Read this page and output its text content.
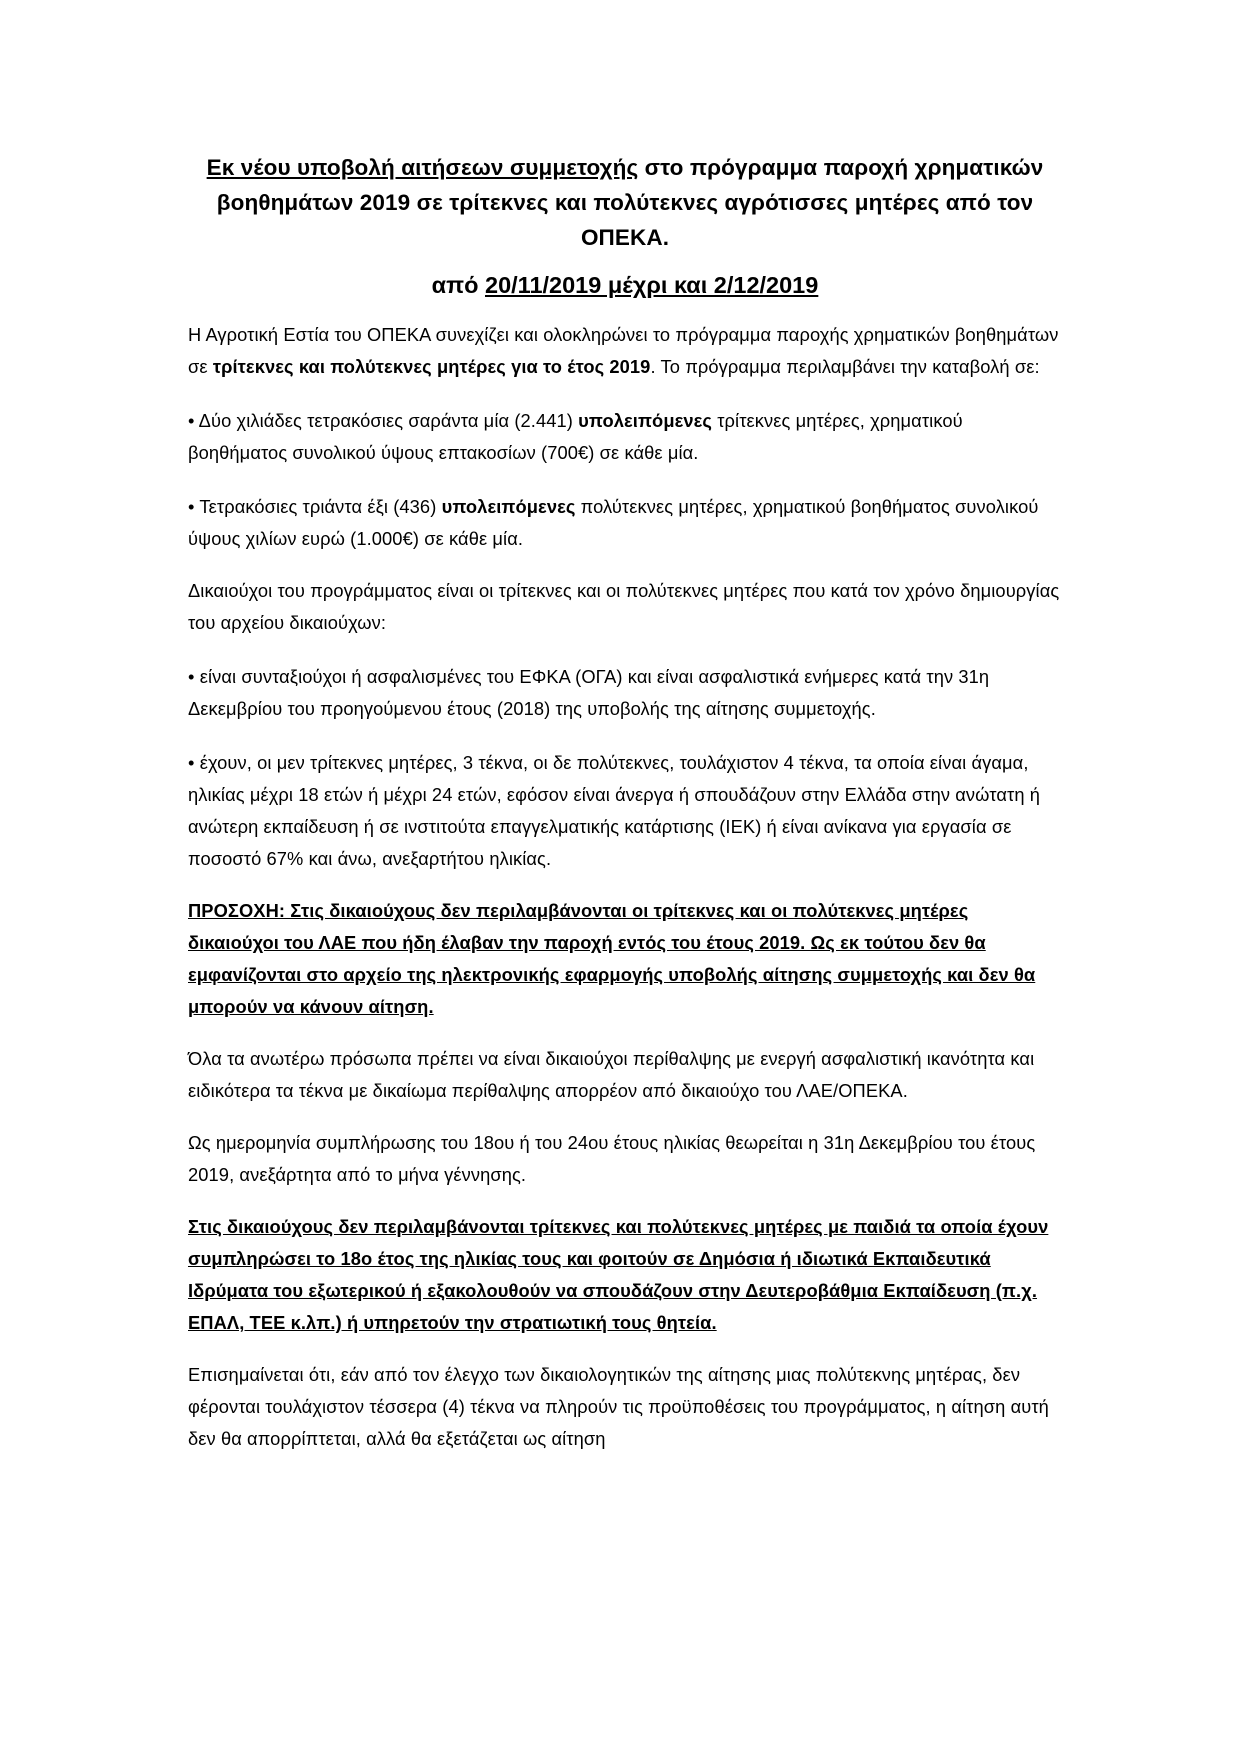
Εκ νέου υποβολή αιτήσεων συμμετοχής στο πρόγραμμα παροχή χρηματικών βοηθημάτων 2019 σε τρίτεκνες και πολύτεκνες αγρότισσες μητέρες από τον ΟΠΕΚΑ.

από 20/11/2019 μέχρι και 2/12/2019

Η Αγροτική Εστία του ΟΠΕΚΑ συνεχίζει και ολοκληρώνει το πρόγραμμα παροχής χρηματικών βοηθημάτων σε τρίτεκνες και πολύτεκνες μητέρες για το έτος 2019. Το πρόγραμμα περιλαμβάνει την καταβολή σε:

• Δύο χιλιάδες τετρακόσιες σαράντα μία (2.441) υπολειπόμενες τρίτεκνες μητέρες, χρηματικού βοηθήματος συνολικού ύψους επτακοσίων (700€) σε κάθε μία.

• Τετρακόσιες τριάντα έξι (436) υπολειπόμενες πολύτεκνες μητέρες, χρηματικού βοηθήματος συνολικού ύψους χιλίων ευρώ (1.000€) σε κάθε μία.

Δικαιούχοι του προγράμματος είναι οι τρίτεκνες και οι πολύτεκνες μητέρες που κατά τον χρόνο δημιουργίας του αρχείου δικαιούχων:

• είναι συνταξιούχοι ή ασφαλισμένες του ΕΦΚΑ (ΟΓΑ) και είναι ασφαλιστικά ενήμερες κατά την 31η Δεκεμβρίου του προηγούμενου έτους (2018) της υποβολής της αίτησης συμμετοχής.

• έχουν, οι μεν τρίτεκνες μητέρες, 3 τέκνα, οι δε πολύτεκνες, τουλάχιστον 4 τέκνα, τα οποία είναι άγαμα, ηλικίας μέχρι 18 ετών ή μέχρι 24 ετών, εφόσον είναι άνεργα ή σπουδάζουν στην Ελλάδα στην ανώτατη ή ανώτερη εκπαίδευση ή σε ινστιτούτα επαγγελματικής κατάρτισης (ΙΕΚ) ή είναι ανίκανα για εργασία σε ποσοστό 67% και άνω, ανεξαρτήτου ηλικίας.

ΠΡΟΣΟΧΗ: Στις δικαιούχους δεν περιλαμβάνονται οι τρίτεκνες και οι πολύτεκνες μητέρες δικαιούχοι του ΛΑΕ που ήδη έλαβαν την παροχή εντός του έτους 2019. Ως εκ τούτου δεν θα εμφανίζονται στο αρχείο της ηλεκτρονικής εφαρμογής υποβολής αίτησης συμμετοχής και δεν θα μπορούν να κάνουν αίτηση.

Όλα τα ανωτέρω πρόσωπα πρέπει να είναι δικαιούχοι περίθαλψης με ενεργή ασφαλιστική ικανότητα και ειδικότερα τα τέκνα με δικαίωμα περίθαλψης απορρέον από δικαιούχο του ΛΑΕ/ΟΠΕΚΑ.

Ως ημερομηνία συμπλήρωσης του 18ου ή του 24ου έτους ηλικίας θεωρείται η 31η Δεκεμβρίου του έτους 2019, ανεξάρτητα από το μήνα γέννησης.

Στις δικαιούχους δεν περιλαμβάνονται τρίτεκνες και πολύτεκνες μητέρες με παιδιά τα οποία έχουν συμπληρώσει το 18ο έτος της ηλικίας τους και φοιτούν σε Δημόσια ή ιδιωτικά Εκπαιδευτικά Ιδρύματα του εξωτερικού ή εξακολουθούν να σπουδάζουν στην Δευτεροβάθμια Εκπαίδευση (π.χ. ΕΠΑΛ, ΤΕΕ κ.λπ.) ή υπηρετούν την στρατιωτική τους θητεία.

Επισημαίνεται ότι, εάν από τον έλεγχο των δικαιολογητικών της αίτησης μιας πολύτεκνης μητέρας, δεν φέρονται τουλάχιστον τέσσερα (4) τέκνα να πληρούν τις προϋποθέσεις του προγράμματος, η αίτηση αυτή δεν θα απορρίπτεται, αλλά θα εξετάζεται ως αίτηση
